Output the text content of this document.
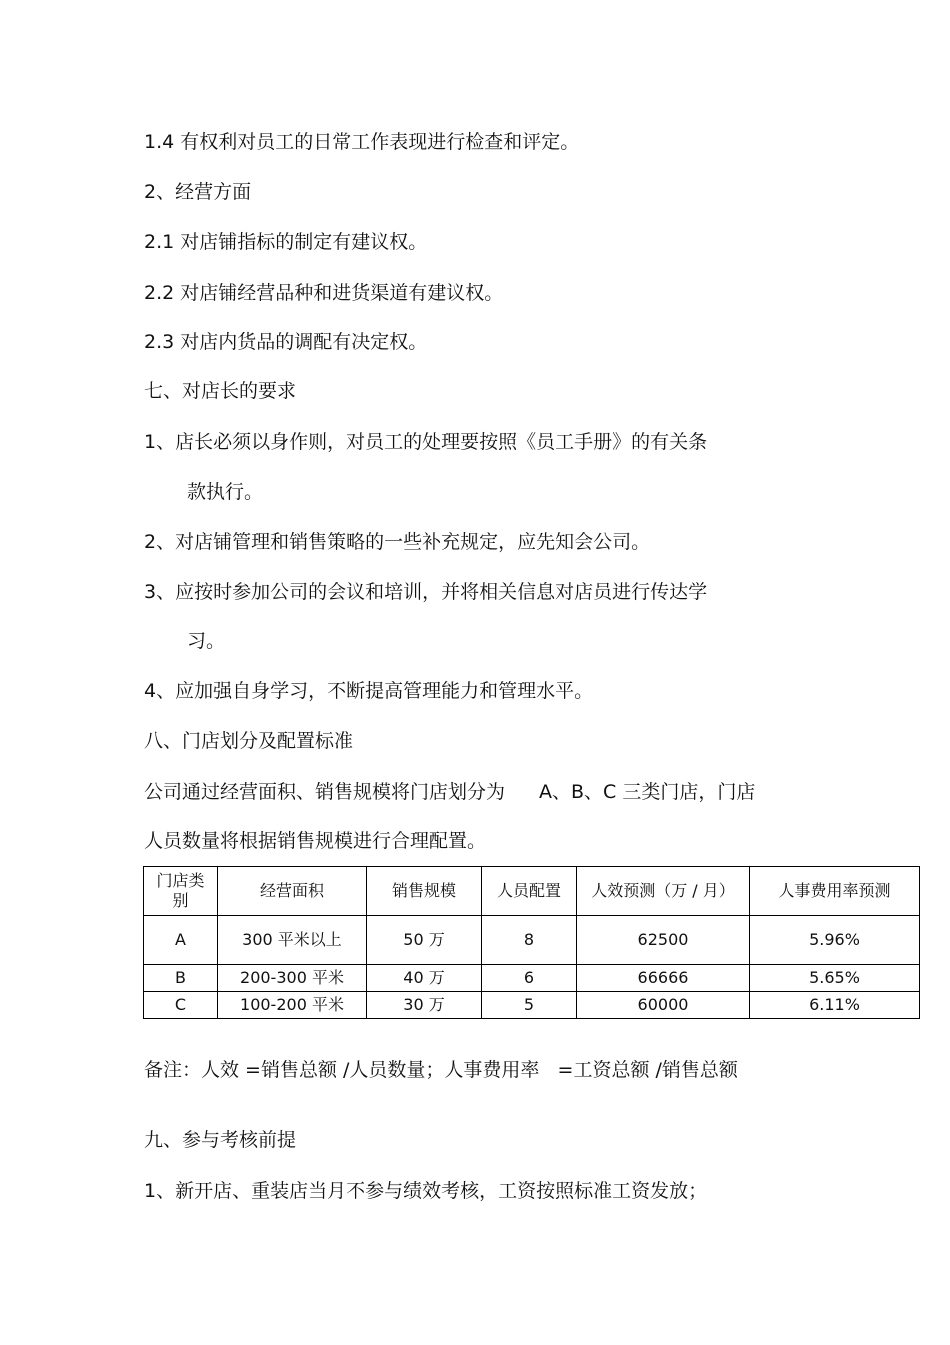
1.4 有权利对员工的日常工作表现进行检查和评定。
2、经营方面
2.1 对店铺指标的制定有建议权。
2.2 对店铺经营品种和进货渠道有建议权。
2.3 对店内货品的调配有决定权。
七、对店长的要求
1、店长必须以身作则，对员工的处理要按照《员工手册》的有关条
款执行。
2、对店铺管理和销售策略的一些补充规定，应先知会公司。
3、应按时参加公司的会议和培训，并将相关信息对店员进行传达学
习。
4、应加强自身学习，不断提高管理能力和管理水平。
八、门店划分及配置标准
公司通过经营面积、销售规模将门店划分为 A、B、C 三类门店，门店
人员数量将根据销售规模进行合理配置。
门店类别	经营面积	销售规模	人员配置	人效预测（万 / 月）	人事费用率预测
A	300 平米以上	50 万	8	62500	5.96%
B	200-300 平米	40 万	6	66666	5.65%
C	100-200 平米	30 万	5	60000	6.11%
备注：人效 =销售总额 /人员数量；人事费用率   =工资总额 /销售总额
九、参与考核前提
1、新开店、重装店当月不参与绩效考核，工资按照标准工资发放；
